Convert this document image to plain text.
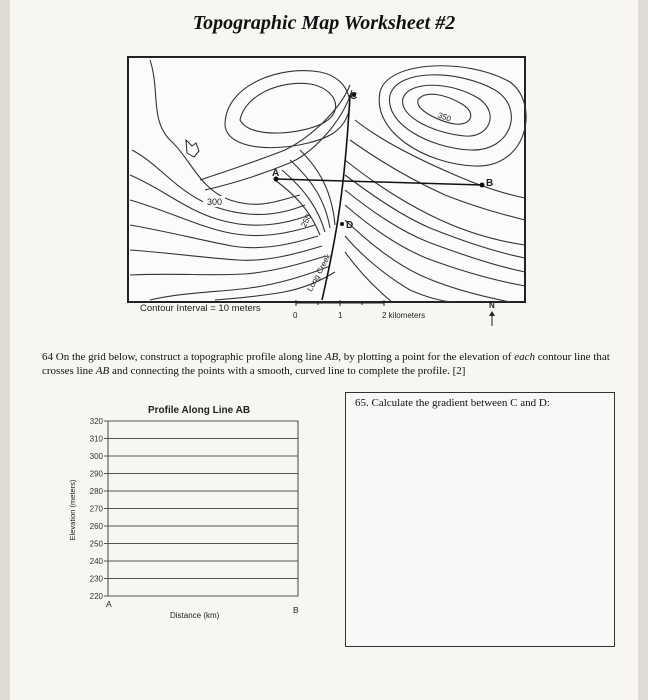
Topographic Map Worksheet #2
300
250
350
A
B
C
D
Long Creek
Contour Interval = 10 meters
0	1	2 kilometers
N
Profile Along Line AB
320
310
300
290
280
270
260
250
240
230
220
Elevation (meters)
A
B
Distance (km)
64 On the grid below, construct a topographic profile along line AB, by plotting a point for the elevation of each contour line that crosses line AB and connecting the points with a smooth, curved line to complete the profile. [2]
65. Calculate the gradient between C and D:
